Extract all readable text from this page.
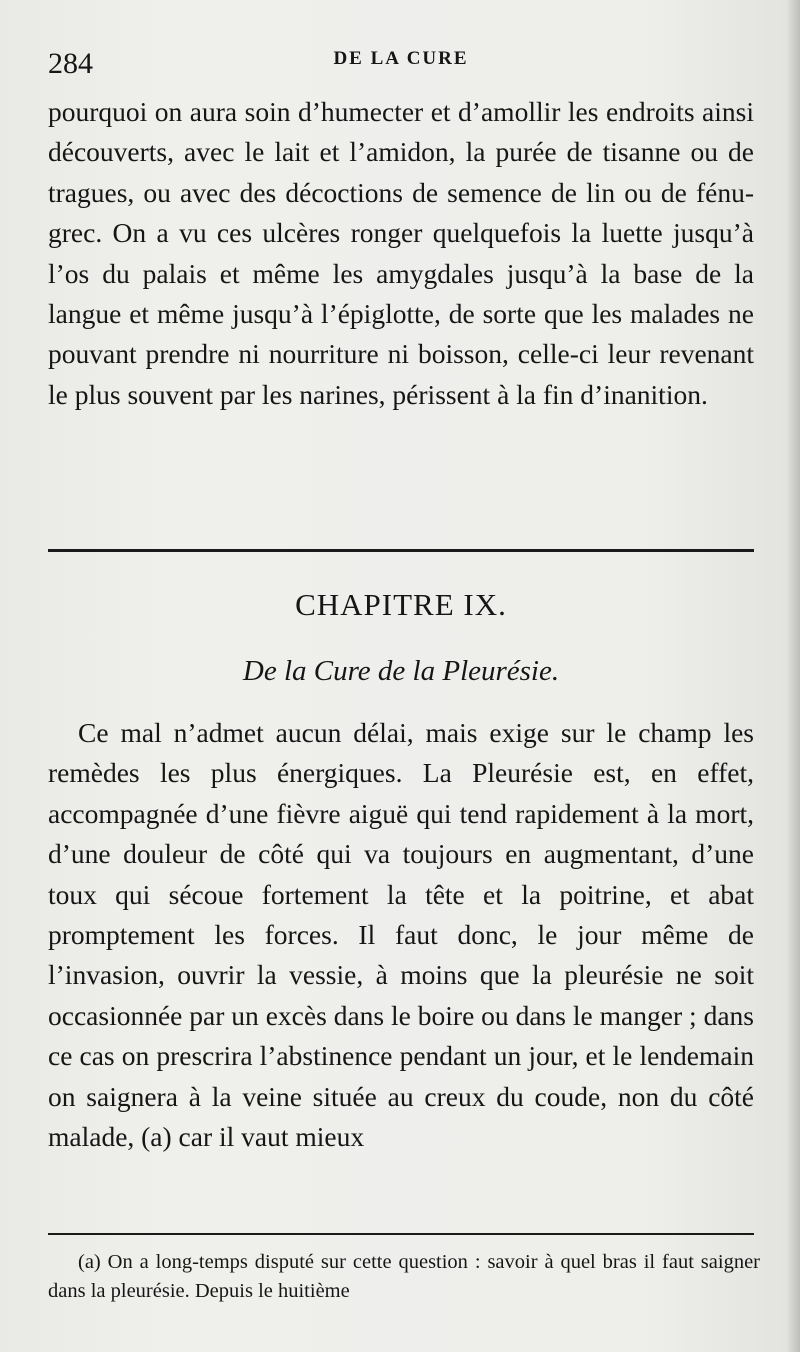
284	DE LA CURE

pourquoi on aura soin d’humecter et d’amollir les endroits ainsi découverts, avec le lait et l’amidon, la purée de tisanne ou de tragues, ou avec des décoctions de semence de lin ou de fénu-grec. On a vu ces ulcères ronger quelquefois la luette jusqu’à l’os du palais et même les amygdales jusqu’à la base de la langue et même jusqu’à l’épiglotte, de sorte que les malades ne pouvant prendre ni nourriture ni boisson, celle-ci leur revenant le plus souvent par les narines, périssent à la fin d’inanition.

CHAPITRE IX.
De la Cure de la Pleurésie.

Ce mal n’admet aucun délai, mais exige sur le champ les remèdes les plus énergiques. La Pleurésie est, en effet, accompagnée d’une fièvre aiguë qui tend rapidement à la mort, d’une douleur de côté qui va toujours en augmentant, d’une toux qui sécoue fortement la tête et la poitrine, et abat promptement les forces. Il faut donc, le jour même de l’invasion, ouvrir la vessie, à moins que la pleurésie ne soit occasionnée par un excès dans le boire ou dans le manger ; dans ce cas on prescrira l’abstinence pendant un jour, et le lendemain on saignera à la veine située au creux du coude, non du côté malade, (a) car il vaut mieux

(a) On a long-temps disputé sur cette question : savoir à quel bras il faut saigner dans la pleurésie. Depuis le huitième
